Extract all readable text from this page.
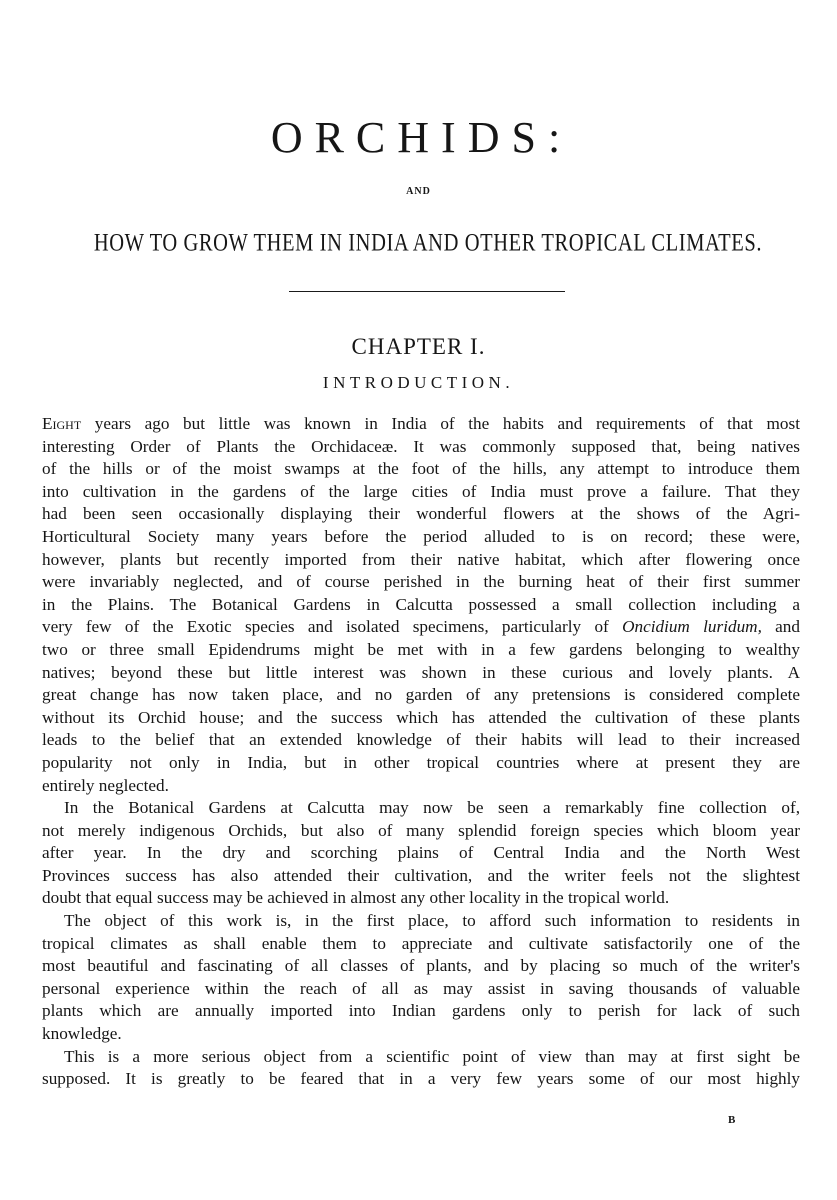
ORCHIDS:
AND
HOW TO GROW THEM IN INDIA AND OTHER TROPICAL CLIMATES.
CHAPTER I.
INTRODUCTION.
Eight years ago but little was known in India of the habits and requirements of that most
interesting Order of Plants the Orchidaceæ. It was commonly supposed that, being natives
of the hills or of the moist swamps at the foot of the hills, any attempt to introduce them
into cultivation in the gardens of the large cities of India must prove a failure. That they
had been seen occasionally displaying their wonderful flowers at the shows of the Agri-
Horticultural Society many years before the period alluded to is on record; these were,
however, plants but recently imported from their native habitat, which after flowering once
were invariably neglected, and of course perished in the burning heat of their first summer
in the Plains. The Botanical Gardens in Calcutta possessed a small collection including a
very few of the Exotic species and isolated specimens, particularly of Oncidium luridum, and
two or three small Epidendrums might be met with in a few gardens belonging to wealthy
natives; beyond these but little interest was shown in these curious and lovely plants. A
great change has now taken place, and no garden of any pretensions is considered complete
without its Orchid house; and the success which has attended the cultivation of these plants
leads to the belief that an extended knowledge of their habits will lead to their increased
popularity not only in India, but in other tropical countries where at present they are
entirely neglected.
In the Botanical Gardens at Calcutta may now be seen a remarkably fine collection of,
not merely indigenous Orchids, but also of many splendid foreign species which bloom year
after year. In the dry and scorching plains of Central India and the North West
Provinces success has also attended their cultivation, and the writer feels not the slightest
doubt that equal success may be achieved in almost any other locality in the tropical world.
The object of this work is, in the first place, to afford such information to residents in
tropical climates as shall enable them to appreciate and cultivate satisfactorily one of the
most beautiful and fascinating of all classes of plants, and by placing so much of the writer's
personal experience within the reach of all as may assist in saving thousands of valuable
plants which are annually imported into Indian gardens only to perish for lack of such
knowledge.
This is a more serious object from a scientific point of view than may at first sight be
supposed. It is greatly to be feared that in a very few years some of our most highly
B
